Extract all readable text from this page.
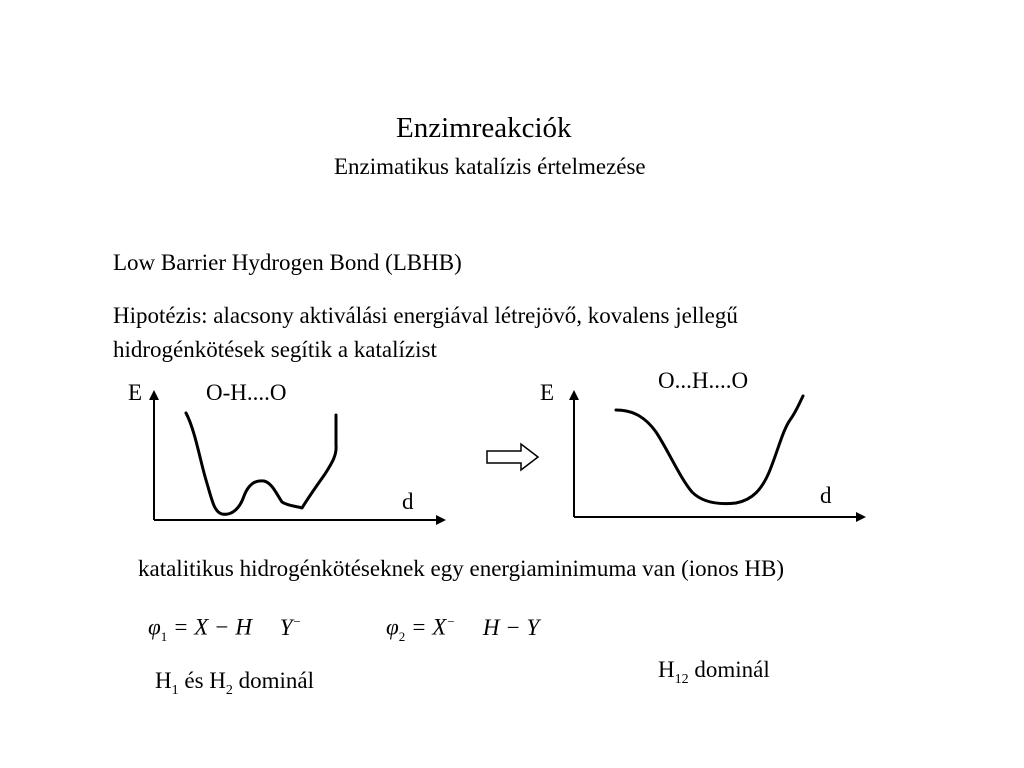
Enzimreakciók
Enzimatikus katalízis értelmezése
Low Barrier Hydrogen Bond (LBHB)
Hipotézis: alacsony aktiválási energiával létrejövő, kovalens jellegű
hidrogénkötések segítik a katalízist
E	O-H....O
d
E	O...H....O
d
katalitikus hidrogénkötéseknek egy energiaminimuma van (ionos HB)
$\varphi_1 = X - H$ Y−	$\varphi_2 = X^-$ H − Y
$H_{12}$ dominál
$H_1$ és $H_2$ dominál
